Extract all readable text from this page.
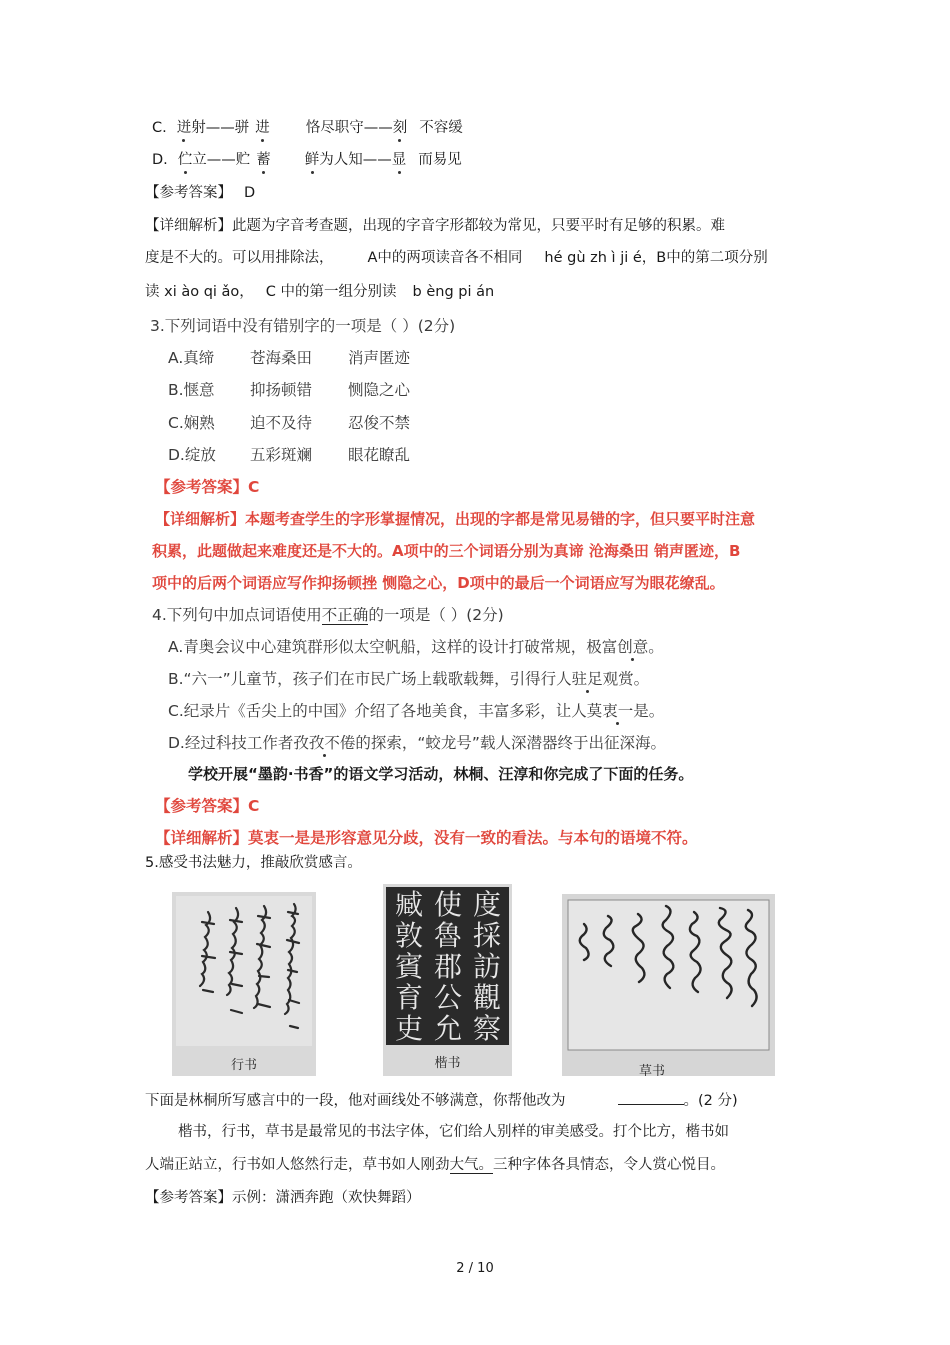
C. 迸射——骈 进 恪尽职守——刻 不容缓
D. 伫立——贮 蓄 鲜为人知——显 而易见
【参考答案】 D
【详细解析】此题为字音考查题，出现的字音字形都较为常见，只要平时有足够的积累。难
度是不大的。可以用排除法， A中的两项读音各不相同 hé gù zh ì ji é，B中的第二项分别
读 xi ào qi ǎo， C 中的第一组分别读 b èng pi án
3.下列词语中没有错别字的一项是（ ）(2分)
A.真缔 苍海桑田 消声匿迹
B.惬意 抑扬顿错 恻隐之心
C.娴熟 迫不及待 忍俊不禁
D.绽放 五彩斑斓 眼花瞭乱
【参考答案】C
【详细解析】本题考查学生的字形掌握情况，出现的字都是常见易错的字，但只要平时注意
积累，此题做起来难度还是不大的。A项中的三个词语分别为真谛 沧海桑田 销声匿迹，B
项中的后两个词语应写作抑扬顿挫 恻隐之心，D项中的最后一个词语应写为眼花缭乱。
4.下列句中加点词语使用不正确的一项是（ ）(2分)
A.青奥会议中心建筑群形似太空帆船，这样的设计打破常规，极富创意。
B.“六一”儿童节，孩子们在市民广场上载歌载舞，引得行人驻足观赏。
C.纪录片《舌尖上的中国》介绍了各地美食，丰富多彩，让人莫衷一是。
D.经过科技工作者孜孜不倦的探索，“蛟龙号”载人深潜器终于出征深海。
学校开展“墨韵·书香”的语文学习活动，林桐、汪淳和你完成了下面的任务。
【参考答案】C
【详细解析】莫衷一是是形容意见分歧，没有一致的看法。与本句的语境不符。
5.感受书法魅力，推敲欣赏感言。
行书
度
採
訪
觀
察
使
魯
郡
公
允
臧
敦
賓
育
吏
楷书
草书
下面是林桐所写感言中的一段，他对画线处不够满意，你帮他改为	。(2 分)
楷书，行书，草书是最常见的书法字体，它们给人别样的审美感受。打个比方，楷书如
人端正站立，行书如人悠然行走，草书如人刚劲大气。三种字体各具情态，令人赏心悦目。
【参考答案】示例：潇洒奔跑（欢快舞蹈）
2 / 10
